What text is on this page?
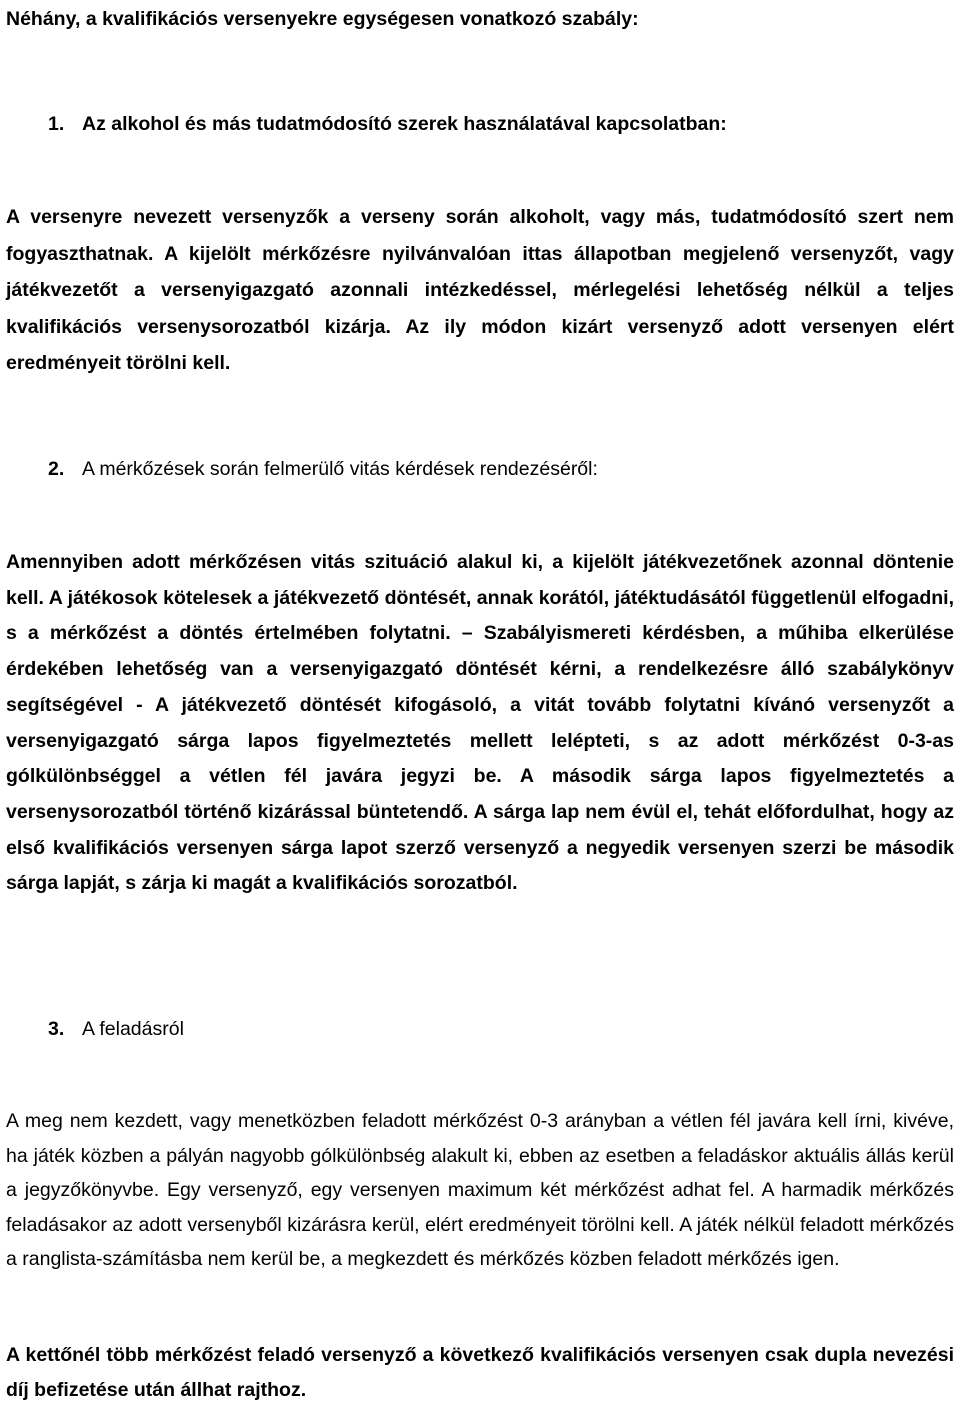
Néhány, a kvalifikációs versenyekre egységesen vonatkozó szabály:
1. Az alkohol és más tudatmódosító szerek használatával kapcsolatban:
A versenyre nevezett versenyzők a verseny során alkoholt, vagy más, tudatmódosító szert nem fogyaszthatnak. A kijelölt mérkőzésre nyilvánvalóan ittas állapotban megjelenő versenyzőt, vagy játékvezetőt a versenyigazgató azonnali intézkedéssel, mérlegelési lehetőség nélkül a teljes kvalifikációs versenysorozatból kizárja. Az ily módon kizárt versenyző adott versenyen elért eredményeit törölni kell.
2. A mérkőzések során felmerülő vitás kérdések rendezéséről:
Amennyiben adott mérkőzésen vitás szituáció alakul ki, a kijelölt játékvezetőnek azonnal döntenie kell. A játékosok kötelesek a játékvezető döntését, annak korától, játéktudásától függetlenül elfogadni, s a mérkőzést a döntés értelmében folytatni. – Szabályismereti kérdésben, a műhiba elkerülése érdekében lehetőség van a versenyigazgató döntését kérni, a rendelkezésre álló szabálykönyv segítségével - A játékvezető döntését kifogásoló, a vitát tovább folytatni kívánó versenyzőt a versenyigazgató sárga lapos figyelmeztetés mellett lelépteti, s az adott mérkőzést 0-3-as gólkülönbséggel a vétlen fél javára jegyzi be. A második sárga lapos figyelmeztetés a versenysorozatból történő kizárással büntetendő. A sárga lap nem évül el, tehát előfordulhat, hogy az első kvalifikációs versenyen sárga lapot szerző versenyző a negyedik versenyen szerzi be második sárga lapját, s zárja ki magát a kvalifikációs sorozatból.
3. A feladásról
A meg nem kezdett, vagy menetközben feladott mérkőzést 0-3 arányban a vétlen fél javára kell írni, kivéve, ha játék közben a pályán nagyobb gólkülönbség alakult ki, ebben az esetben a feladáskor aktuális állás kerül a jegyzőkönyvbe. Egy versenyző, egy versenyen maximum két mérkőzést adhat fel. A harmadik mérkőzés feladásakor az adott versenyből kizárásra kerül, elért eredményeit törölni kell. A játék nélkül feladott mérkőzés a ranglista-számításba nem kerül be, a megkezdett és mérkőzés közben feladott mérkőzés igen.
A kettőnél több mérkőzést feladó versenyző a következő kvalifikációs versenyen csak dupla nevezési díj befizetése után állhat rajthoz.
